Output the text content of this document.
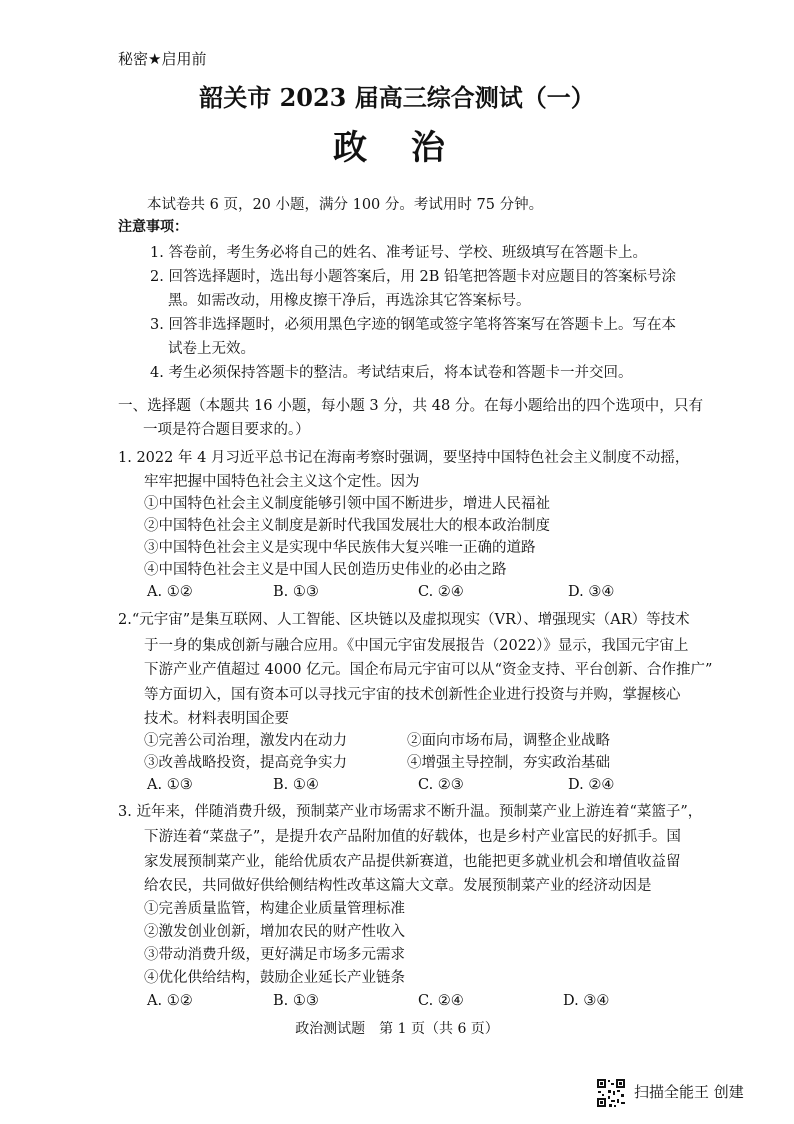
秘密★启用前
韶关市 2023 届高三综合测试（一）
政 治
本试卷共 6 页，20 小题，满分 100 分。考试用时 75 分钟。
注意事项：
1. 答卷前，考生务必将自己的姓名、准考证号、学校、班级填写在答题卡上。
2. 回答选择题时，选出每小题答案后，用 2B 铅笔把答题卡对应题目的答案标号涂
黑。如需改动，用橡皮擦干净后，再选涂其它答案标号。
3. 回答非选择题时，必须用黑色字迹的钢笔或签字笔将答案写在答题卡上。写在本
试卷上无效。
4. 考生必须保持答题卡的整洁。考试结束后，将本试卷和答题卡一并交回。
一、选择题（本题共 16 小题，每小题 3 分，共 48 分。在每小题给出的四个选项中，只有
一项是符合题目要求的。）
1. 2022 年 4 月习近平总书记在海南考察时强调，要坚持中国特色社会主义制度不动摇，
牢牢把握中国特色社会主义这个定性。因为
①中国特色社会主义制度能够引领中国不断进步，增进人民福祉
②中国特色社会主义制度是新时代我国发展壮大的根本政治制度
③中国特色社会主义是实现中华民族伟大复兴唯一正确的道路
④中国特色社会主义是中国人民创造历史伟业的必由之路
A. ①②	B. ①③	C. ②④	D. ③④
2.“元宇宙”是集互联网、人工智能、区块链以及虚拟现实（VR）、增强现实（AR）等技术
于一身的集成创新与融合应用。《中国元宇宙发展报告（2022）》显示，我国元宇宙上
下游产业产值超过 4000 亿元。国企布局元宇宙可以从“资金支持、平台创新、合作推广”
等方面切入，国有资本可以寻找元宇宙的技术创新性企业进行投资与并购，掌握核心
技术。材料表明国企要
①完善公司治理，激发内在动力	②面向市场布局，调整企业战略
③改善战略投资，提高竞争实力	④增强主导控制，夯实政治基础
A. ①③	B. ①④	C. ②③	D. ②④
3. 近年来，伴随消费升级，预制菜产业市场需求不断升温。预制菜产业上游连着“菜篮子”，
下游连着“菜盘子”，是提升农产品附加值的好载体，也是乡村产业富民的好抓手。国
家发展预制菜产业，能给优质农产品提供新赛道，也能把更多就业机会和增值收益留
给农民，共同做好供给侧结构性改革这篇大文章。发展预制菜产业的经济动因是
①完善质量监管，构建企业质量管理标准
②激发创业创新，增加农民的财产性收入
③带动消费升级，更好满足市场多元需求
④优化供给结构，鼓励企业延长产业链条
A. ①②	B. ①③	C. ②④	D. ③④
政治测试题　第 1 页（共 6 页）
扫描全能王 创建
